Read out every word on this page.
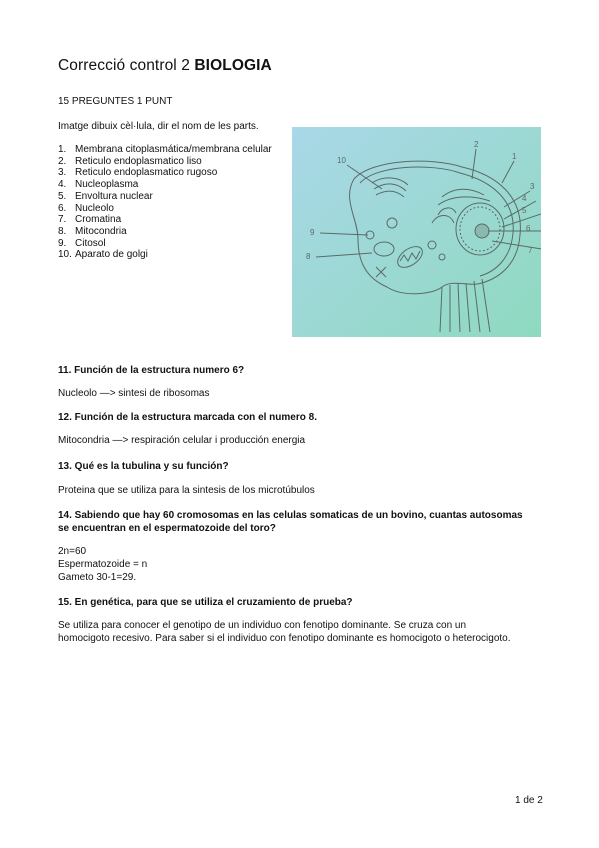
Correcció control 2 BIOLOGIA
15 PREGUNTES 1 PUNT
Imatge dibuix cèl·lula, dir el nom de les parts.
1. Membrana citoplasmática/membrana celular
2. Reticulo endoplasmatico liso
3. Reticulo endoplasmatico rugoso
4. Nucleoplasma
5. Envoltura nuclear
6. Nucleolo
7. Cromatina
8. Mitocondria
9. Citosol
10. Aparato de golgi
10
2
1
3
4
5
6
7
9
8
11. Función de la estructura numero 6?
Nucleolo —> sintesi de ribosomas
12. Función de la estructura marcada con el numero 8.
Mitocondria —> respiración celular i producción energia
13. Qué es la tubulina y su función?
Proteina que se utiliza para la sintesis de los microtúbulos
14. Sabiendo que hay 60 cromosomas en las celulas somaticas de un bovino, cuantas autosomas se encuentran en el espermatozoide del toro?
2n=60
Espermatozoide = n
Gameto 30-1=29.
15. En genética, para que se utiliza el cruzamiento de prueba?
Se utiliza para conocer el genotipo de un individuo con fenotipo dominante. Se cruza con un homocigoto recesivo. Para saber si el individuo con fenotipo dominante es homocigoto o heterocigoto.
1 de 2
